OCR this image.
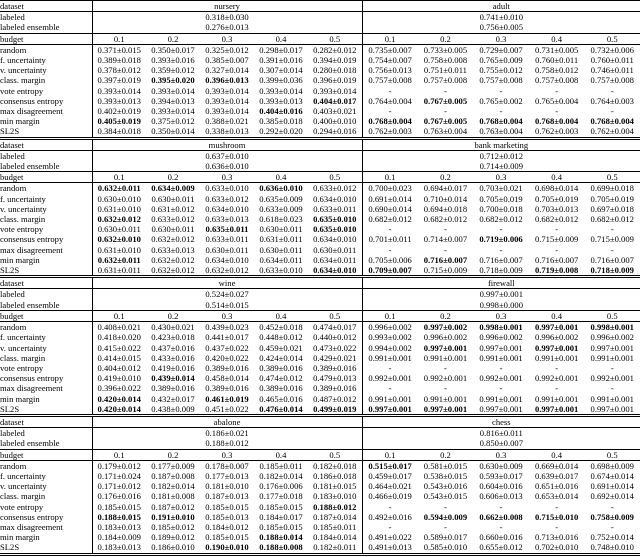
dataset	nursery					adult				
labeled	0.318±0.030					0.741±0.010				
labeled ensemble	0.276±0.013					0.756±0.005				
budget	0.1	0.2	0.3	0.4	0.5	0.1	0.2	0.3	0.4	0.5
random	0.371±0.015	0.350±0.017	0.325±0.012	0.298±0.017	0.282±0.012	0.735±0.007	0.733±0.005	0.729±0.007	0.731±0.005	0.732±0.006
f. uncertainty	0.389±0.018	0.393±0.016	0.385±0.007	0.391±0.016	0.394±0.019	0.754±0.007	0.758±0.008	0.765±0.009	0.760±0.011	0.760±0.011
v. uncertainty	0.378±0.012	0.359±0.012	0.327±0.014	0.307±0.014	0.280±0.018	0.756±0.013	0.751±0.011	0.755±0.012	0.758±0.012	0.746±0.011
class. margin	0.397±0.019	0.395±0.020	0.396±0.013	0.399±0.036	0.396±0.019	0.757±0.008	0.757±0.008	0.757±0.008	0.757±0.008	0.757±0.008
vote entropy	0.393±0.014	0.393±0.014	0.393±0.014	0.393±0.014	0.393±0.014	-	-	-	-	-
consensus entropy	0.393±0.013	0.394±0.013	0.393±0.014	0.393±0.013	0.404±0.017	0.764±0.004	0.767±0.005	0.765±0.002	0.765±0.004	0.764±0.003
max disagreement	0.402±0.019	0.393±0.014	0.393±0.014	0.404±0.016	0.403±0.021	-	-	-	-	-
min margin	0.405±0.019	0.375±0.012	0.388±0.021	0.385±0.018	0.400±0.010	0.768±0.004	0.767±0.005	0.768±0.004	0.768±0.004	0.768±0.004
SL2S	0.384±0.018	0.350±0.014	0.338±0.013	0.292±0.020	0.294±0.016	0.762±0.003	0.763±0.004	0.763±0.004	0.762±0.003	0.762±0.004
dataset	mushroom					bank marketing				
labeled	0.637±0.010					0.712±0.012				
labeled ensemble	0.636±0.010					0.714±0.009				
budget	0.1	0.2	0.3	0.4	0.5	0.1	0.2	0.3	0.4	0.5
random	0.632±0.011	0.634±0.009	0.633±0.010	0.636±0.010	0.633±0.012	0.700±0.023	0.694±0.017	0.703±0.021	0.698±0.014	0.699±0.018
f. uncertainty	0.630±0.010	0.630±0.011	0.633±0.012	0.635±0.009	0.634±0.010	0.691±0.014	0.710±0.014	0.705±0.019	0.705±0.019	0.705±0.019
v. uncertainty	0.631±0.010	0.631±0.012	0.634±0.010	0.633±0.009	0.633±0.011	0.690±0.014	0.694±0.018	0.700±0.018	0.703±0.013	0.697±0.018
class. margin	0.632±0.012	0.633±0.012	0.633±0.013	0.618±0.023	0.635±0.010	0.682±0.012	0.682±0.012	0.682±0.012	0.682±0.012	0.682±0.012
vote entropy	0.630±0.011	0.630±0.011	0.635±0.011	0.630±0.011	0.635±0.010	-	-	-	-	-
consensus entropy	0.632±0.010	0.632±0.012	0.633±0.011	0.631±0.011	0.634±0.010	0.701±0.011	0.714±0.007	0.719±0.006	0.715±0.009	0.715±0.009
max disagreement	0.631±0.010	0.633±0.013	0.630±0.011	0.630±0.011	0.630±0.011	-	-	-	-	-
min margin	0.632±0.011	0.632±0.012	0.634±0.010	0.634±0.011	0.634±0.011	0.705±0.006	0.716±0.007	0.716±0.007	0.716±0.007	0.716±0.007
SL2S	0.631±0.011	0.632±0.012	0.632±0.012	0.633±0.010	0.634±0.010	0.709±0.007	0.715±0.009	0.718±0.009	0.719±0.008	0.718±0.009
dataset	wine					firewall				
labeled	0.524±0.027					0.997±0.001				
labeled ensemble	0.514±0.015					0.998±0.000				
budget	0.1	0.2	0.3	0.4	0.5	0.1	0.2	0.3	0.4	0.5
random	0.408±0.021	0.430±0.021	0.439±0.023	0.452±0.018	0.474±0.017	0.996±0.002	0.997±0.002	0.998±0.001	0.997±0.001	0.998±0.001
f. uncertainty	0.418±0.020	0.423±0.018	0.441±0.017	0.448±0.012	0.440±0.012	0.993±0.002	0.996±0.002	0.996±0.002	0.996±0.002	0.996±0.002
v. uncertainty	0.415±0.022	0.437±0.016	0.437±0.022	0.459±0.021	0.473±0.022	0.994±0.002	0.997±0.001	0.997±0.001	0.997±0.001	0.997±0.001
class. margin	0.414±0.015	0.433±0.016	0.420±0.022	0.424±0.014	0.429±0.021	0.991±0.001	0.991±0.001	0.991±0.001	0.991±0.001	0.991±0.001
vote entropy	0.404±0.012	0.419±0.016	0.389±0.016	0.389±0.016	0.389±0.016	-	-	-	-	-
consensus entropy	0.419±0.010	0.439±0.014	0.458±0.014	0.474±0.012	0.479±0.013	0.992±0.001	0.992±0.001	0.992±0.001	0.992±0.001	0.992±0.001
max disagreement	0.396±0.022	0.389±0.016	0.389±0.016	0.389±0.016	0.389±0.016	-	-	-	-	-
min margin	0.420±0.014	0.432±0.017	0.461±0.019	0.465±0.016	0.487±0.012	0.991±0.001	0.991±0.001	0.991±0.001	0.991±0.001	0.991±0.001
SL2S	0.420±0.014	0.438±0.009	0.451±0.022	0.476±0.014	0.499±0.019	0.997±0.001	0.997±0.001	0.997±0.001	0.997±0.001	0.997±0.001
dataset	abalone					chess				
labeled	0.186±0.021					0.816±0.011				
labeled ensemble	0.188±0.012					0.850±0.007				
budget	0.1	0.2	0.3	0.4	0.5	0.1	0.2	0.3	0.4	0.5
random	0.179±0.012	0.177±0.009	0.178±0.007	0.185±0.011	0.182±0.018	0.515±0.017	0.581±0.015	0.630±0.009	0.669±0.014	0.698±0.009
f. uncertainty	0.171±0.024	0.187±0.008	0.177±0.013	0.182±0.014	0.186±0.018	0.459±0.017	0.538±0.015	0.593±0.017	0.639±0.017	0.674±0.014
v. uncertainty	0.171±0.012	0.182±0.014	0.181±0.010	0.176±0.006	0.181±0.015	0.464±0.021	0.543±0.016	0.604±0.016	0.651±0.016	0.691±0.014
class. margin	0.176±0.016	0.181±0.008	0.187±0.013	0.177±0.018	0.183±0.010	0.466±0.019	0.543±0.015	0.606±0.013	0.653±0.014	0.692±0.014
vote entropy	0.185±0.015	0.187±0.012	0.185±0.015	0.185±0.015	0.188±0.012	-	-	-	-	-
consensus entropy	0.188±0.015	0.191±0.010	0.185±0.013	0.184±0.017	0.187±0.014	0.492±0.016	0.594±0.009	0.662±0.008	0.715±0.010	0.758±0.009
max disagreement	0.183±0.013	0.185±0.012	0.184±0.012	0.185±0.015	0.185±0.011	-	-	-	-	-
min margin	0.184±0.009	0.189±0.012	0.185±0.015	0.188±0.014	0.184±0.014	0.491±0.022	0.589±0.017	0.660±0.016	0.713±0.016	0.752±0.014
SL2S	0.183±0.013	0.186±0.010	0.190±0.010	0.188±0.008	0.182±0.011	0.491±0.013	0.585±0.010	0.655±0.012	0.702±0.010	0.748±0.010
